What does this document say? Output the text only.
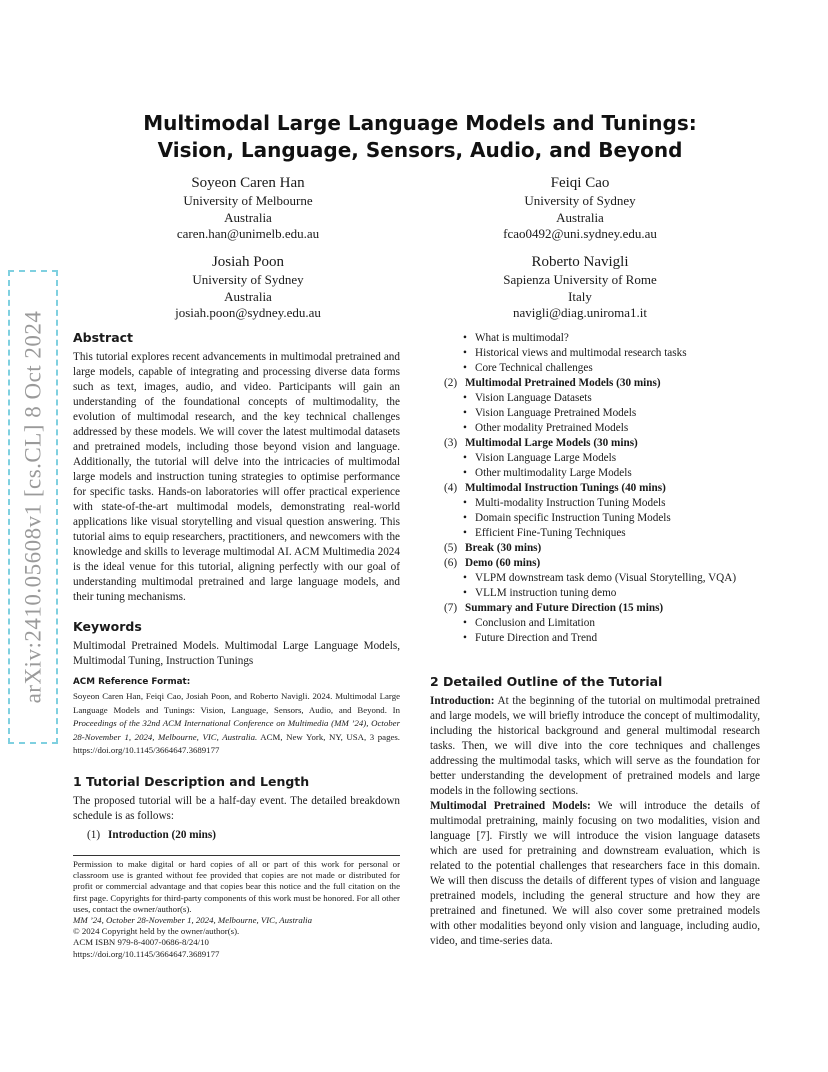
arXiv:2410.05608v1 [cs.CL] 8 Oct 2024
Multimodal Large Language Models and Tunings:
Vision, Language, Sensors, Audio, and Beyond
Soyeon Caren Han
University of Melbourne
Australia
caren.han@unimelb.edu.au
Feiqi Cao
University of Sydney
Australia
fcao0492@uni.sydney.edu.au
Josiah Poon
University of Sydney
Australia
josiah.poon@sydney.edu.au
Roberto Navigli
Sapienza University of Rome
Italy
navigli@diag.uniroma1.it
Abstract

This tutorial explores recent advancements in multimodal pretrained and large models, capable of integrating and processing diverse data forms such as text, images, audio, and video. Participants will gain an understanding of the foundational concepts of multimodality, the evolution of multimodal research, and the key technical challenges addressed by these models. We will cover the latest multimodal datasets and pretrained models, including those beyond vision and language. Additionally, the tutorial will delve into the intricacies of multimodal large models and instruction tuning strategies to optimise performance for specific tasks. Hands-on laboratories will offer practical experience with state-of-the-art multimodal models, demonstrating real-world applications like visual storytelling and visual question answering. This tutorial aims to equip researchers, practitioners, and newcomers with the knowledge and skills to leverage multimodal AI. ACM Multimedia 2024 is the ideal venue for this tutorial, aligning perfectly with our goal of understanding multimodal pretrained and large language models, and their tuning mechanisms.

Keywords

Multimodal Pretrained Models. Multimodal Large Language Models, Multimodal Tuning, Instruction Tunings

ACM Reference Format:

Soyeon Caren Han, Feiqi Cao, Josiah Poon, and Roberto Navigli. 2024. Multimodal Large Language Models and Tunings: Vision, Language, Sensors, Audio, and Beyond. In Proceedings of the 32nd ACM International Conference on Multimedia (MM ’24), October 28-November 1, 2024, Melbourne, VIC, Australia. ACM, New York, NY, USA, 3 pages. https://doi.org/10.1145/3664647.3689177

1 Tutorial Description and Length

The proposed tutorial will be a half-day event. The detailed breakdown schedule is as follows:

(1) Introduction (20 mins)

Permission to make digital or hard copies of all or part of this work for personal or classroom use is granted without fee provided that copies are not made or distributed for profit or commercial advantage and that copies bear this notice and the full citation on the first page. Copyrights for third-party components of this work must be honored. For all other uses, contact the owner/author(s).

MM ’24, October 28-November 1, 2024, Melbourne, VIC, Australia
© 2024 Copyright held by the owner/author(s).
ACM ISBN 979-8-4007-0686-8/24/10
https://doi.org/10.1145/3664647.3689177
• What is multimodal?
• Historical views and multimodal research tasks
• Core Technical challenges
(2) Multimodal Pretrained Models (30 mins)
• Vision Language Datasets
• Vision Language Pretrained Models
• Other modality Pretrained Models
(3) Multimodal Large Models (30 mins)
• Vision Language Large Models
• Other multimodality Large Models
(4) Multimodal Instruction Tunings (40 mins)
• Multi-modality Instruction Tuning Models
• Domain specific Instruction Tuning Models
• Efficient Fine-Tuning Techniques
(5) Break (30 mins)
(6) Demo (60 mins)
• VLPM downstream task demo (Visual Storytelling, VQA)
• VLLM instruction tuning demo
(7) Summary and Future Direction (15 mins)
• Conclusion and Limitation
• Future Direction and Trend
2 Detailed Outline of the Tutorial

Introduction: At the beginning of the tutorial on multimodal pretrained and large models, we will briefly introduce the concept of multimodality, including the historical background and general multimodal research tasks. Then, we will dive into the core techniques and challenges addressing the multimodal tasks, which will serve as the foundation for better understanding the development of pretrained models and large models in the following sections.

Multimodal Pretrained Models: We will introduce the details of multimodal pretraining, mainly focusing on two modalities, vision and language [7]. Firstly we will introduce the vision language datasets which are used for pretraining and downstream evaluation, which is related to the potential challenges that researchers face in this domain. We will then discuss the details of different types of vision and language pretrained models, including the general structure and how they are pretrained and finetuned. We will also cover some pretrained models with other modalities beyond only vision and language, including audio, video, and time-series data.
